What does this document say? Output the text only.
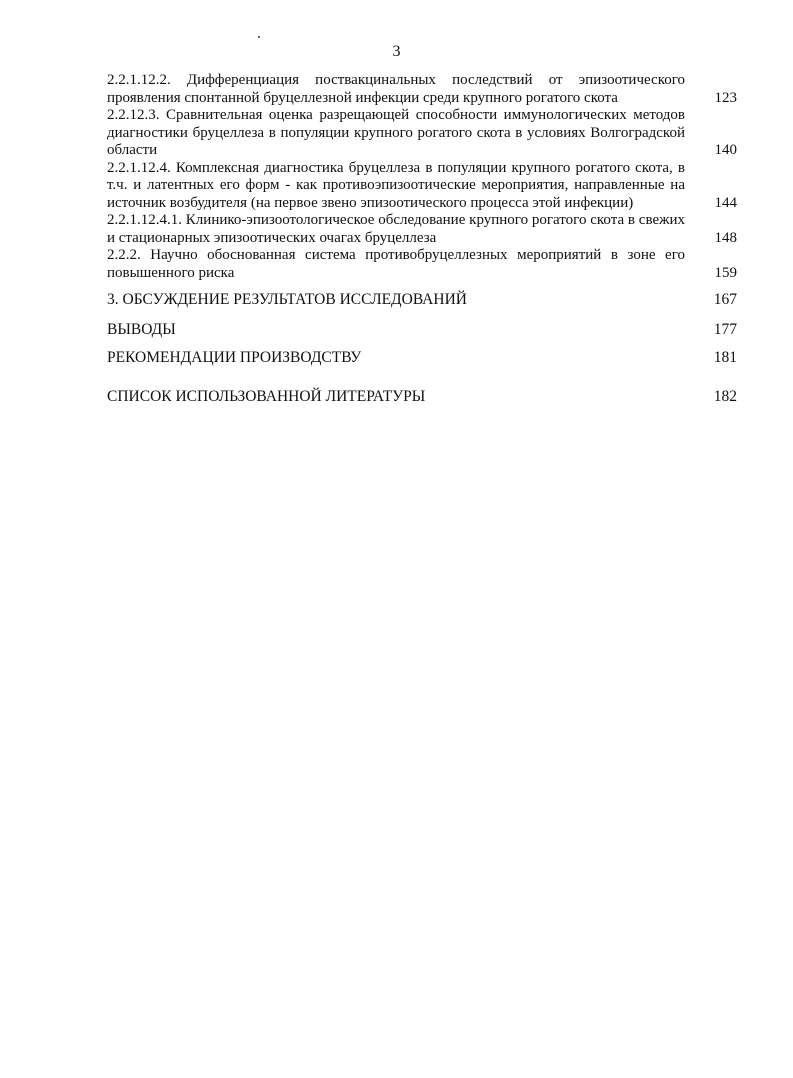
3
2.2.1.12.2. Дифференциация поствакцинальных последствий от эпизоотического проявления спонтанной бруцеллезной инфекции среди крупного рогатого скота	123
2.2.12.3. Сравнительная оценка разрещающей способности иммунологических методов диагностики бруцеллеза в популяции крупного рогатого скота в условиях Волгоградской области	140
2.2.1.12.4. Комплексная диагностика бруцеллеза в популяции крупного рогатого скота, в т.ч. и латентных его форм - как противоэпизоотические мероприятия, направленные на источник возбудителя (на первое звено эпизоотического процесса этой инфекции)	144
2.2.1.12.4.1. Клинико-эпизоотологическое обследование крупного рогатого скота в свежих и стационарных эпизоотических очагах бруцеллеза	148
2.2.2. Научно обоснованная система противобруцеллезных мероприятий в зоне его повышенного риска	159
3. ОБСУЖДЕНИЕ РЕЗУЛЬТАТОВ ИССЛЕДОВАНИЙ	167
ВЫВОДЫ	177
РЕКОМЕНДАЦИИ ПРОИЗВОДСТВУ	181
СПИСОК ИСПОЛЬЗОВАННОЙ ЛИТЕРАТУРЫ	182
